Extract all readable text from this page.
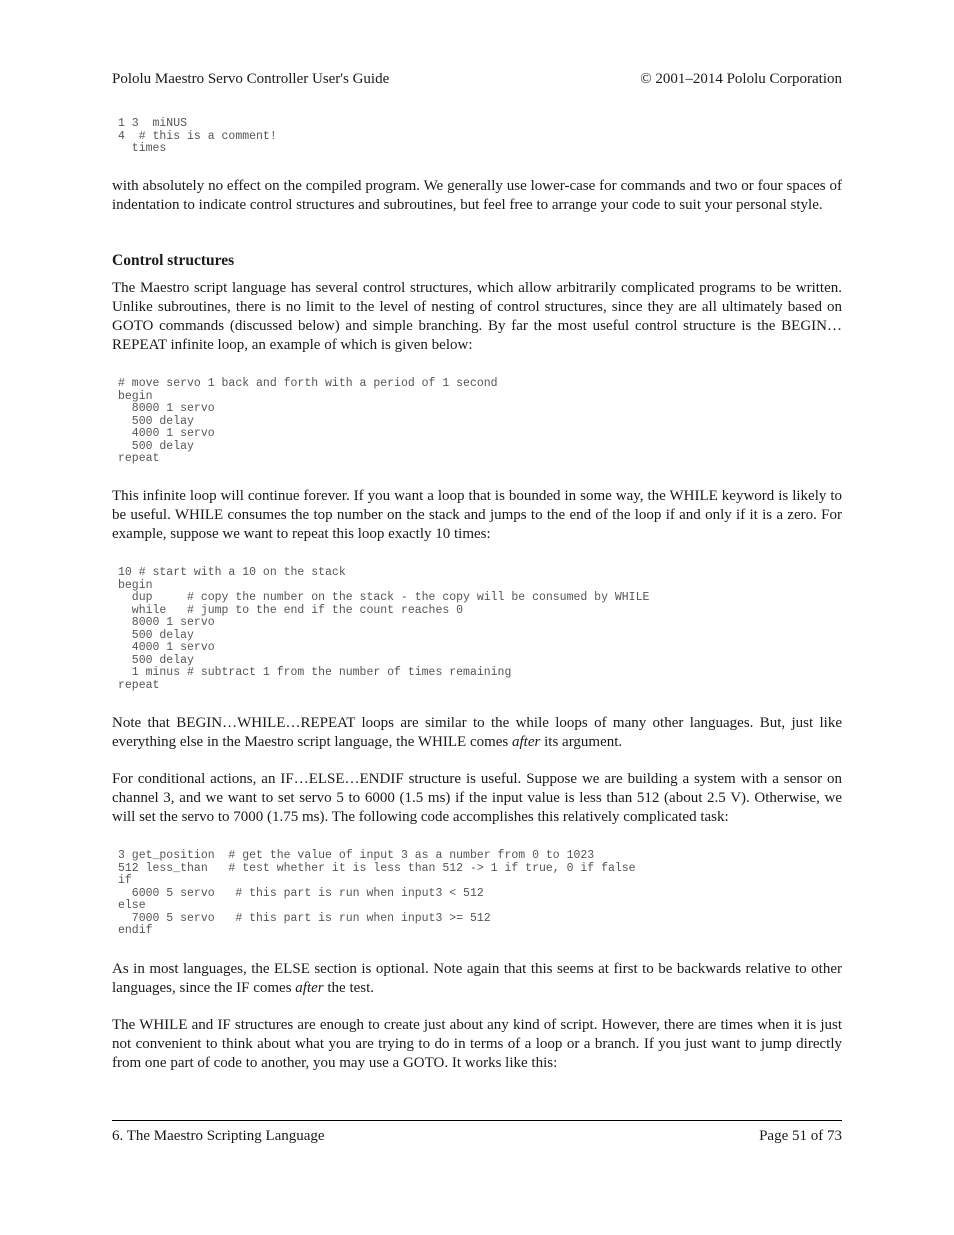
Pololu Maestro Servo Controller User's Guide	© 2001–2014 Pololu Corporation
1 3  miNUS
4  # this is a comment!
times

with absolutely no effect on the compiled program. We generally use lower-case for commands and two or four spaces of indentation to indicate control structures and subroutines, but feel free to arrange your code to suit your personal style.

Control structures

The Maestro script language has several control structures, which allow arbitrarily complicated programs to be written. Unlike subroutines, there is no limit to the level of nesting of control structures, since they are all ultimately based on GOTO commands (discussed below) and simple branching. By far the most useful control structure is the BEGIN…REPEAT infinite loop, an example of which is given below:

# move servo 1 back and forth with a period of 1 second
begin
8000 1 servo
500 delay
4000 1 servo
500 delay
repeat

This infinite loop will continue forever. If you want a loop that is bounded in some way, the WHILE keyword is likely to be useful. WHILE consumes the top number on the stack and jumps to the end of the loop if and only if it is a zero. For example, suppose we want to repeat this loop exactly 10 times:

10 # start with a 10 on the stack
begin
dup     # copy the number on the stack - the copy will be consumed by WHILE
while   # jump to the end if the count reaches 0
8000 1 servo
500 delay
4000 1 servo
500 delay
1 minus # subtract 1 from the number of times remaining
repeat

Note that BEGIN…WHILE…REPEAT loops are similar to the while loops of many other languages. But, just like everything else in the Maestro script language, the WHILE comes after its argument.

For conditional actions, an IF…ELSE…ENDIF structure is useful. Suppose we are building a system with a sensor on channel 3, and we want to set servo 5 to 6000 (1.5 ms) if the input value is less than 512 (about 2.5 V). Otherwise, we will set the servo to 7000 (1.75 ms). The following code accomplishes this relatively complicated task:

3 get_position  # get the value of input 3 as a number from 0 to 1023
512 less_than   # test whether it is less than 512 -> 1 if true, 0 if false
if
6000 5 servo   # this part is run when input3 < 512
else
7000 5 servo   # this part is run when input3 >= 512
endif

As in most languages, the ELSE section is optional. Note again that this seems at first to be backwards relative to other languages, since the IF comes after the test.

The WHILE and IF structures are enough to create just about any kind of script. However, there are times when it is just not convenient to think about what you are trying to do in terms of a loop or a branch. If you just want to jump directly from one part of code to another, you may use a GOTO. It works like this:

6. The Maestro Scripting Language	Page 51 of 73
